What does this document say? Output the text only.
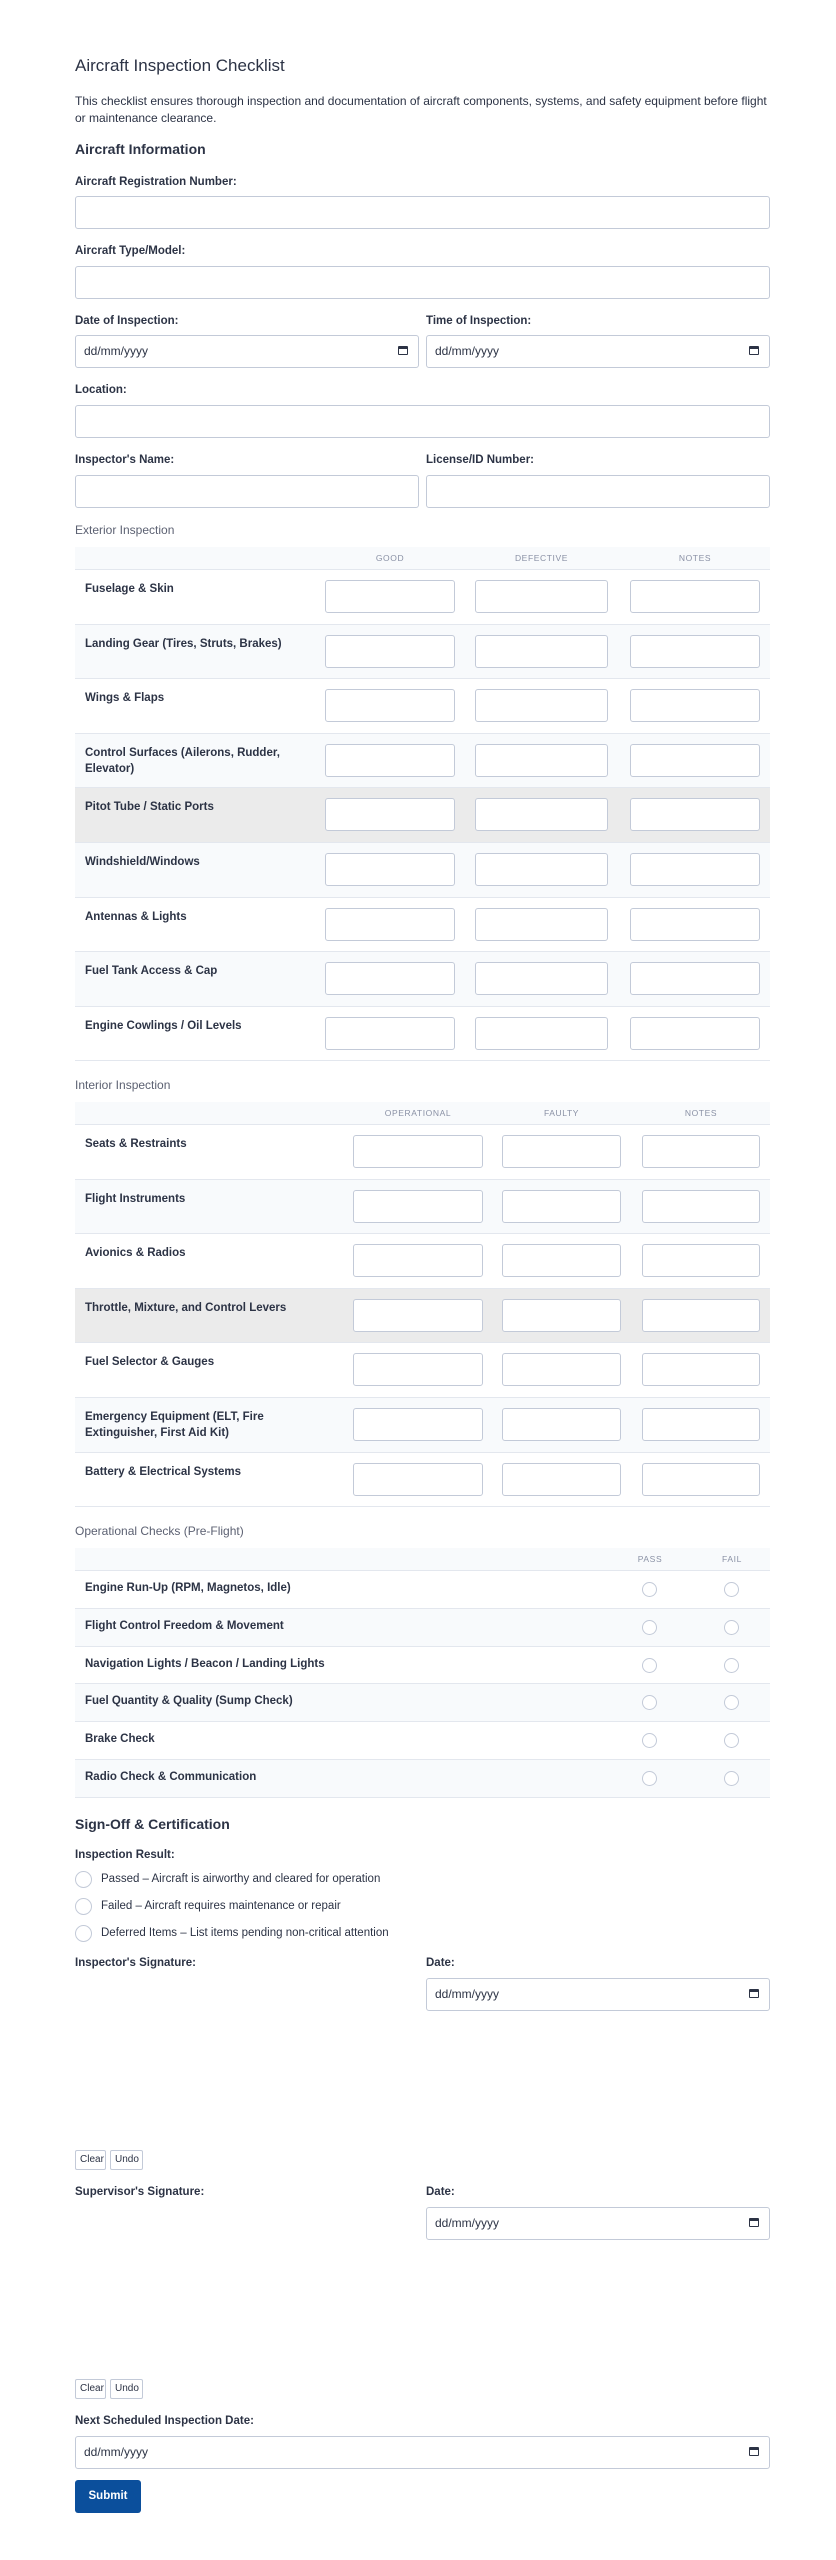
Aircraft Inspection Checklist

This checklist ensures thorough inspection and documentation of aircraft components, systems, and safety equipment before flight or maintenance clearance.

Aircraft Information

Aircraft Registration Number:

Aircraft Type/Model:

Date of Inspection:

dd/mm/yyyy

Time of Inspection:

dd/mm/yyyy

Location:

Inspector's Name:	License/ID Number:

Exterior Inspection

GOOD	DEFECTIVE	NOTES
Fuselage & Skin
Landing Gear (Tires, Struts, Brakes)
Wings & Flaps
Control Surfaces (Ailerons, Rudder, Elevator)
Pitot Tube / Static Ports
Windshield/Windows
Antennas & Lights
Fuel Tank Access & Cap
Engine Cowlings / Oil Levels

Interior Inspection

OPERATIONAL	FAULTY	NOTES
Seats & Restraints
Flight Instruments
Avionics & Radios
Throttle, Mixture, and Control Levers
Fuel Selector & Gauges
Emergency Equipment (ELT, Fire Extinguisher, First Aid Kit)
Battery & Electrical Systems

Operational Checks (Pre-Flight)

PASS	FAIL
Engine Run-Up (RPM, Magnetos, Idle)
Flight Control Freedom & Movement
Navigation Lights / Beacon / Landing Lights
Fuel Quantity & Quality (Sump Check)
Brake Check
Radio Check & Communication

Sign-Off & Certification

Inspection Result:

Passed – Aircraft is airworthy and cleared for operation
Failed – Aircraft requires maintenance or repair
Deferred Items – List items pending non-critical attention

Inspector's Signature:	Date:

dd/mm/yyyy
Clear	Undo

Supervisor's Signature:	Date:

dd/mm/yyyy
Clear	Undo

Next Scheduled Inspection Date:

dd/mm/yyyy
Submit
